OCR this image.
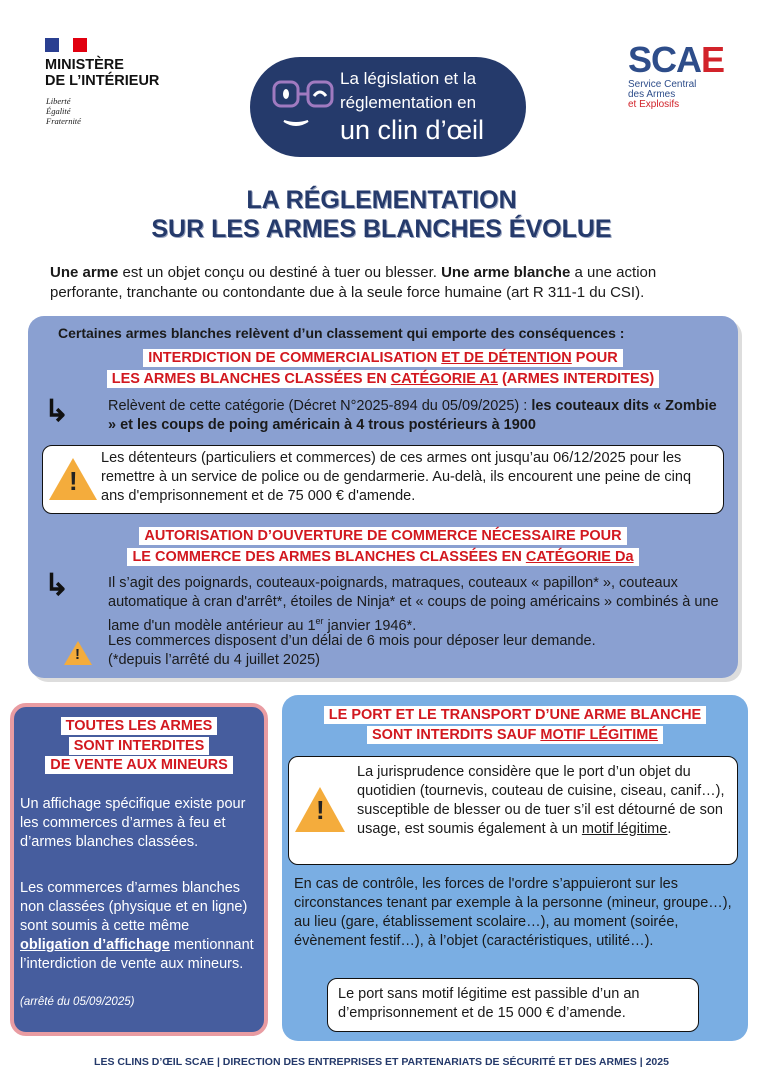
MINISTÈRE
DE L’INTÉRIEUR
Liberté
Égalité
Fraternité
La législation et la
réglementation en
un clin d’œil
SCAE
Service Central
des Armes
et Explosifs
LA RÉGLEMENTATION
SUR LES ARMES BLANCHES ÉVOLUE

Une arme est un objet conçu ou destiné à tuer ou blesser. Une arme blanche a une action perforante, tranchante ou contondante due à la seule force humaine (art R 311-1 du CSI).

Certaines armes blanches relèvent d’un classement qui emporte des conséquences :
INTERDICTION DE COMMERCIALISATION ET DE DÉTENTION POUR
LES ARMES BLANCHES CLASSÉES EN CATÉGORIE A1 (ARMES INTERDITES)
↳	Relèvent de cette catégorie (Décret N°2025-894 du 05/09/2025) : les couteaux dits « Zombie » et les coups de poing américain à 4 trous postérieurs à 1900

!

Les détenteurs (particuliers et commerces) de ces armes ont jusqu’au 06/12/2025 pour les remettre à un service de police ou de gendarmerie. Au-delà, ils encourent une peine de cinq ans d'emprisonnement et de 75 000 € d'amende.

AUTORISATION D’OUVERTURE DE COMMERCE NÉCESSAIRE POUR
LE COMMERCE DES ARMES BLANCHES CLASSÉES EN CATÉGORIE Da
↳	Il s’agit des poignards, couteaux-poignards, matraques, couteaux « papillon* », couteaux automatique à cran d'arrêt*, étoiles de Ninja* et « coups de poing américains » combinés à une lame d'un modèle antérieur au 1er janvier 1946*.

!

Les commerces disposent d’un délai de 6 mois pour déposer leur demande.

(*depuis l’arrêté du 4 juillet 2025)

TOUTES LES ARMES
SONT INTERDITES
DE VENTE AUX MINEURS

Un affichage spécifique existe pour les commerces d’armes à feu et d’armes blanches classées.

Les commerces d’armes blanches non classées (physique et en ligne) sont soumis à cette même obligation d’affichage mentionnant l’interdiction de vente aux mineurs.

(arrêté du 05/09/2025)

LE PORT ET LE TRANSPORT D’UNE ARME BLANCHE
SONT INTERDITS SAUF MOTIF LÉGITIME
!

La jurisprudence considère que le port d’un objet du quotidien (tournevis, couteau de cuisine, ciseau, canif…), susceptible de blesser ou de tuer s’il est détourné de son usage, est soumis également à un motif légitime.

En cas de contrôle, les forces de l'ordre s’appuieront sur les circonstances tenant par exemple à la personne (mineur, groupe…), au lieu (gare, établissement scolaire…), au moment (soirée, évènement festif…), à l’objet (caractéristiques, utilité…).

Le port sans motif légitime est passible d’un an d’emprisonnement et de 15 000 € d’amende.

LES CLINS D’ŒIL SCAE | DIRECTION DES ENTREPRISES ET PARTENARIATS DE SÉCURITÉ ET DES ARMES | 2025
